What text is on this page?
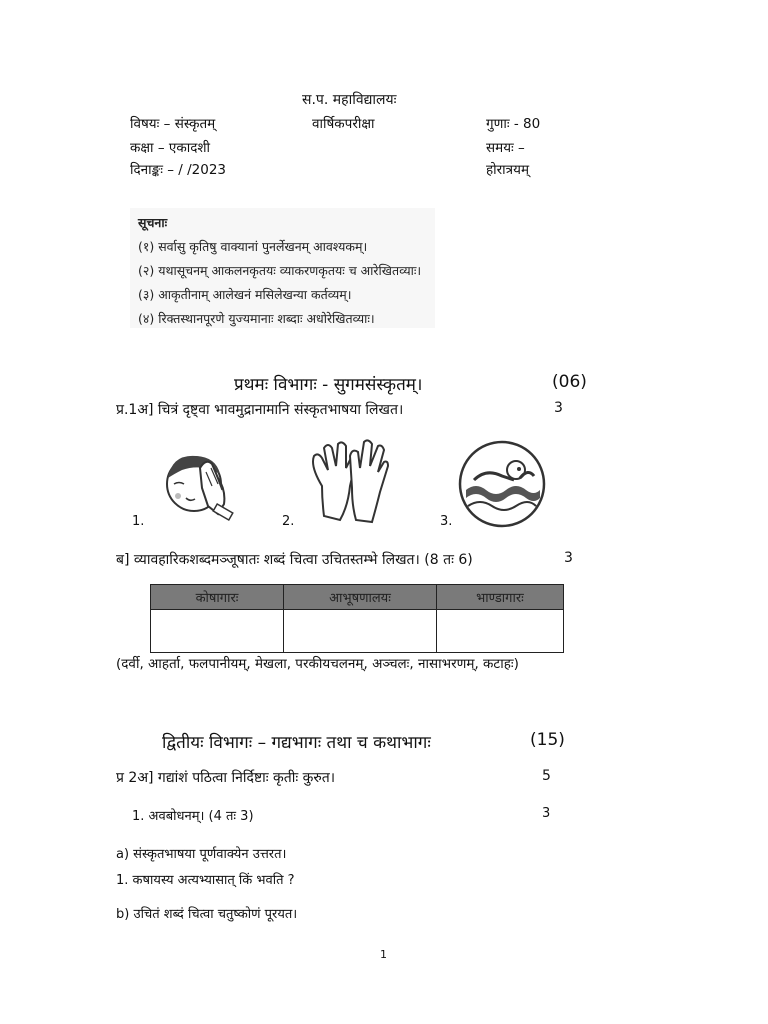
स.प. महाविद्यालयः
विषयः – संस्कृतम्	वार्षिकपरीक्षा	गुणाः - 80
कक्षा – एकादशी	समयः –
दिनाङ्कः – / /2023	होरात्रयम्
सूचनाः
(१) सर्वासु कृतिषु वाक्यानां पुनर्लेखनम् आवश्यकम्।
(२) यथासूचनम् आकलनकृतयः व्याकरणकृतयः च आरेखितव्याः।
(३) आकृतीनाम् आलेखनं मसिलेखन्या कर्तव्यम्।
(४) रिक्तस्थानपूरणे युज्यमानाः शब्दाः अधोरेखितव्याः।
प्रथमः विभागः - सुगमसंस्कृतम्।	(06)
प्र.1अ] चित्रं दृष्ट्वा भावमुद्रानामानि संस्कृतभाषया लिखत।	3
1.	2.	3.
ब] व्यावहारिकशब्दमञ्जूषातः शब्दं चित्वा उचितस्तम्भे लिखत। (8 तः 6)	3
कोषागारः	आभूषणालयः	भाण्डागारः

(दर्वी, आहर्ता, फलपानीयम्, मेखला, परकीयचलनम्, अञ्चलः, नासाभरणम्, कटाहः)
द्वितीयः विभागः – गद्यभागः तथा च कथाभागः	(15)
प्र 2अ] गद्यांशं पठित्वा निर्दिष्टाः कृतीः कुरुत।	5
1. अवबोधनम्। (4 तः 3)	3
a) संस्कृतभाषया पूर्णवाक्येन उत्तरत।
1. कषायस्य अत्यभ्यासात् किं भवति ?
b) उचितं शब्दं चित्वा चतुष्कोणं पूरयत।
1
